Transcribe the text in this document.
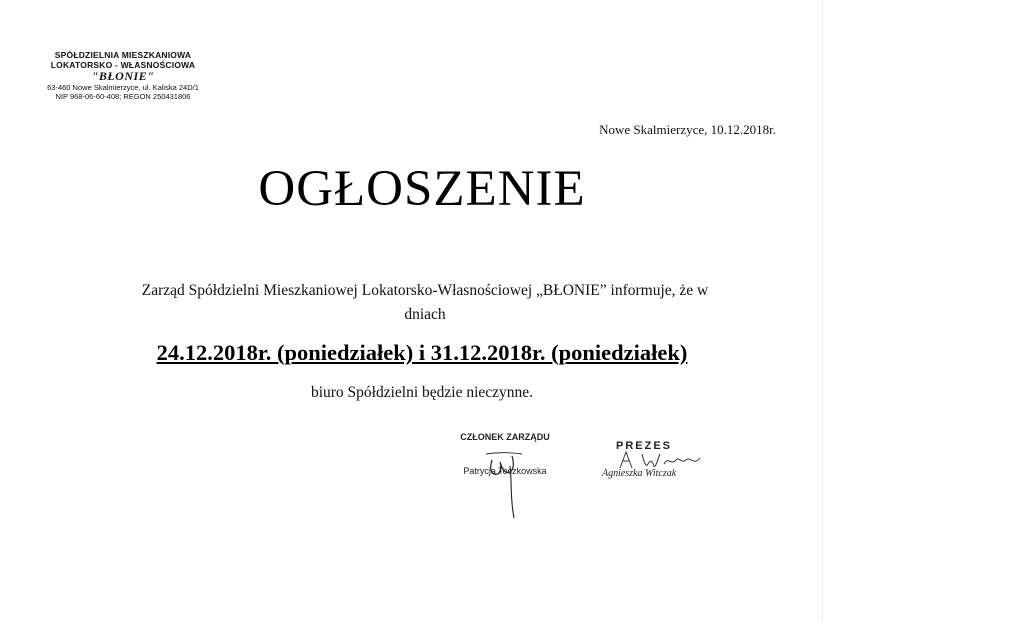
SPÓŁDZIELNIA MIESZKANIOWA
LOKATORSKO - WŁASNOŚCIOWA
"BŁONIE"
63-460 Nowe Skalmierzyce, ul. Kaliska 24D/1
NIP 968-06-60-408; REGON 250431806
Nowe Skalmierzyce, 10.12.2018r.
OGŁOSZENIE
Zarząd Spółdzielni Mieszkaniowej Lokatorsko-Własnościowej „BŁONIE” informuje, że w dniach
24.12.2018r. (poniedziałek) i 31.12.2018r. (poniedziałek)
biuro Spółdzielni będzie nieczynne.
CZŁONEK ZARZĄDU
Patrycja Toczkowska
PREZES
Agnieszka Witczak
